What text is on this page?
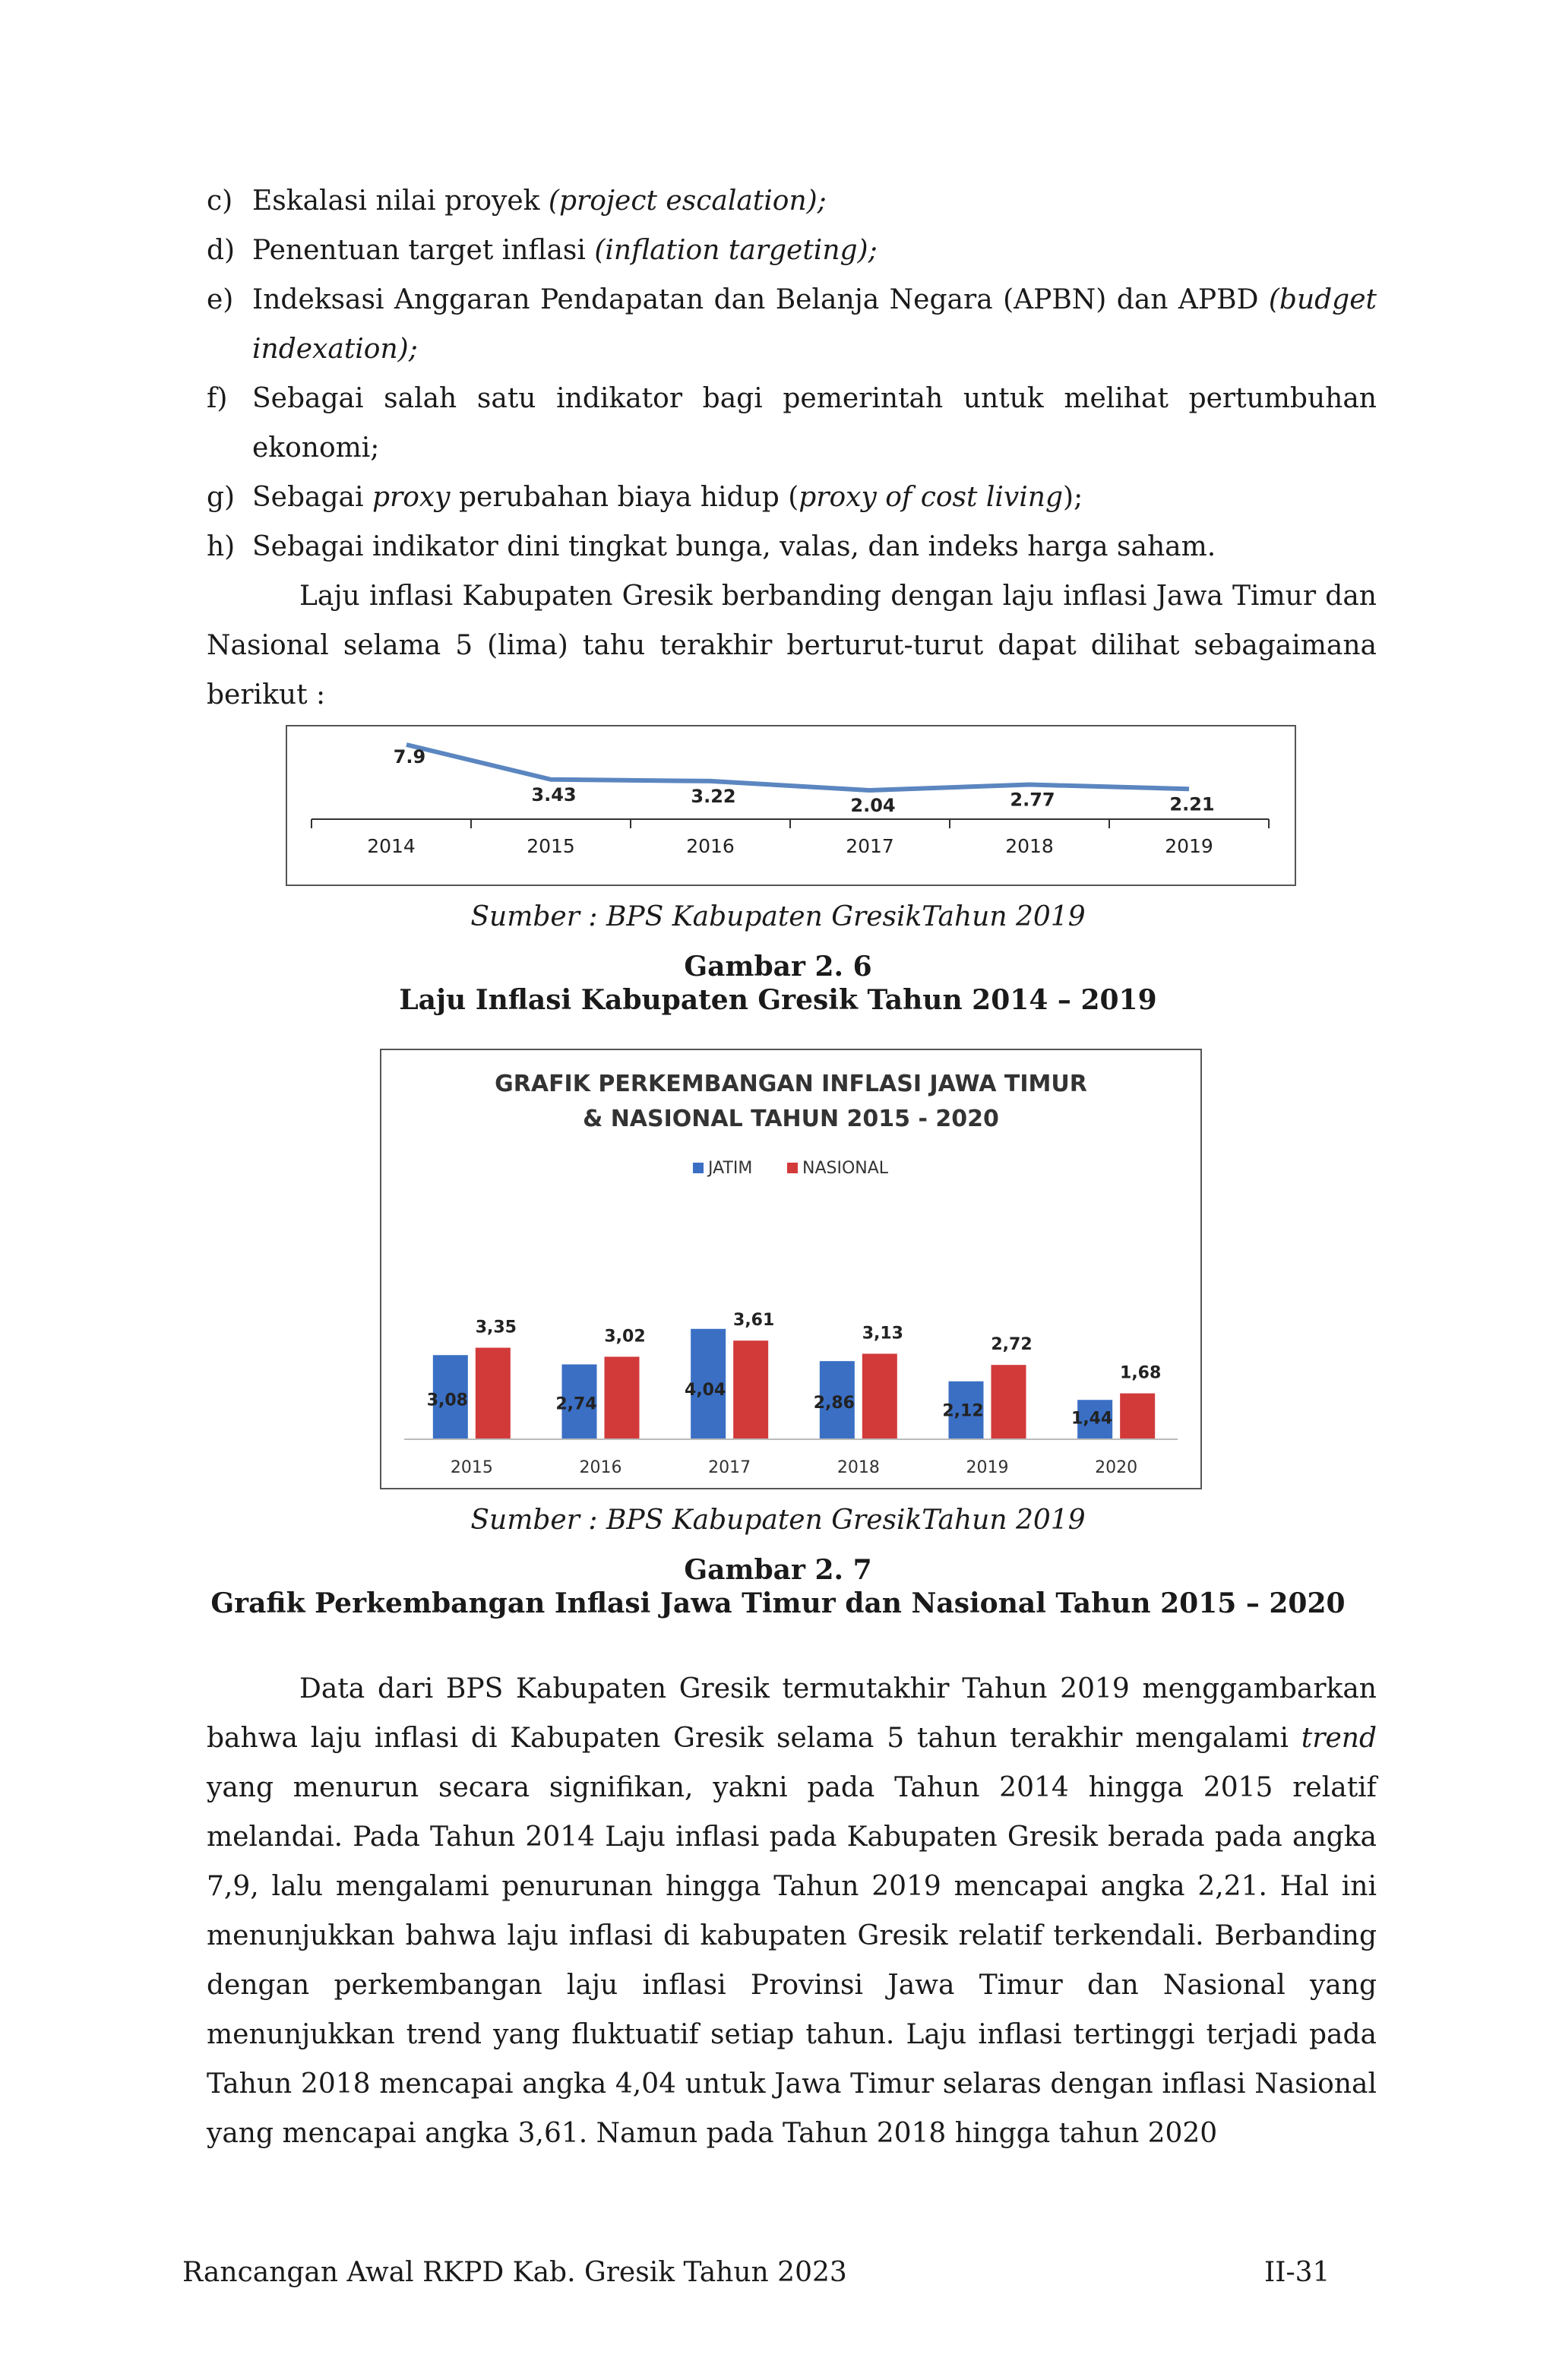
c) Eskalasi nilai proyek (project escalation);
d) Penentuan target inflasi (inflation targeting);
e) Indeksasi Anggaran Pendapatan dan Belanja Negara (APBN) dan APBD (budget indexation);
f) Sebagai salah satu indikator bagi pemerintah untuk melihat pertumbuhan ekonomi;
g) Sebagai proxy perubahan biaya hidup (proxy of cost living);
h) Sebagai indikator dini tingkat bunga, valas, dan indeks harga saham.

Laju inflasi Kabupaten Gresik berbanding dengan laju inflasi Jawa Timur dan Nasional selama 5 (lima) tahu terakhir berturut-turut dapat dilihat sebagaimana berikut :

7.9
3.43	3.22	2.04	2.77	2.21
2014	2015	2016	2017	2018	2019
Sumber : BPS Kabupaten GresikTahun 2019
Gambar 2. 6
Laju Inflasi Kabupaten Gresik Tahun 2014 – 2019
GRAFIK PERKEMBANGAN INFLASI JAWA TIMUR
& NASIONAL TAHUN 2015 - 2020
JATIM	NASIONAL
3,08
3,35
2015
2,74
3,02
2016
4,04
3,61
2017
2,86
3,13
2018
2,12
2,72
2019
1,44
1,68
2020
Sumber : BPS Kabupaten GresikTahun 2019
Gambar 2. 7
Grafik Perkembangan Inflasi Jawa Timur dan Nasional Tahun 2015 – 2020

Data dari BPS Kabupaten Gresik termutakhir Tahun 2019 menggambarkan bahwa laju inflasi di Kabupaten Gresik selama 5 tahun terakhir mengalami trend yang menurun secara signifikan, yakni pada Tahun 2014 hingga 2015 relatif melandai. Pada Tahun 2014 Laju inflasi pada Kabupaten Gresik berada pada angka 7,9, lalu mengalami penurunan hingga Tahun 2019 mencapai angka 2,21. Hal ini menunjukkan bahwa laju inflasi di kabupaten Gresik relatif terkendali. Berbanding dengan perkembangan laju inflasi Provinsi Jawa Timur dan Nasional yang menunjukkan trend yang fluktuatif setiap tahun. Laju inflasi tertinggi terjadi pada Tahun 2018 mencapai angka 4,04 untuk Jawa Timur selaras dengan inflasi Nasional yang mencapai angka 3,61. Namun pada Tahun 2018 hingga tahun 2020

Rancangan Awal RKPD Kab. Gresik Tahun 2023	II-31
